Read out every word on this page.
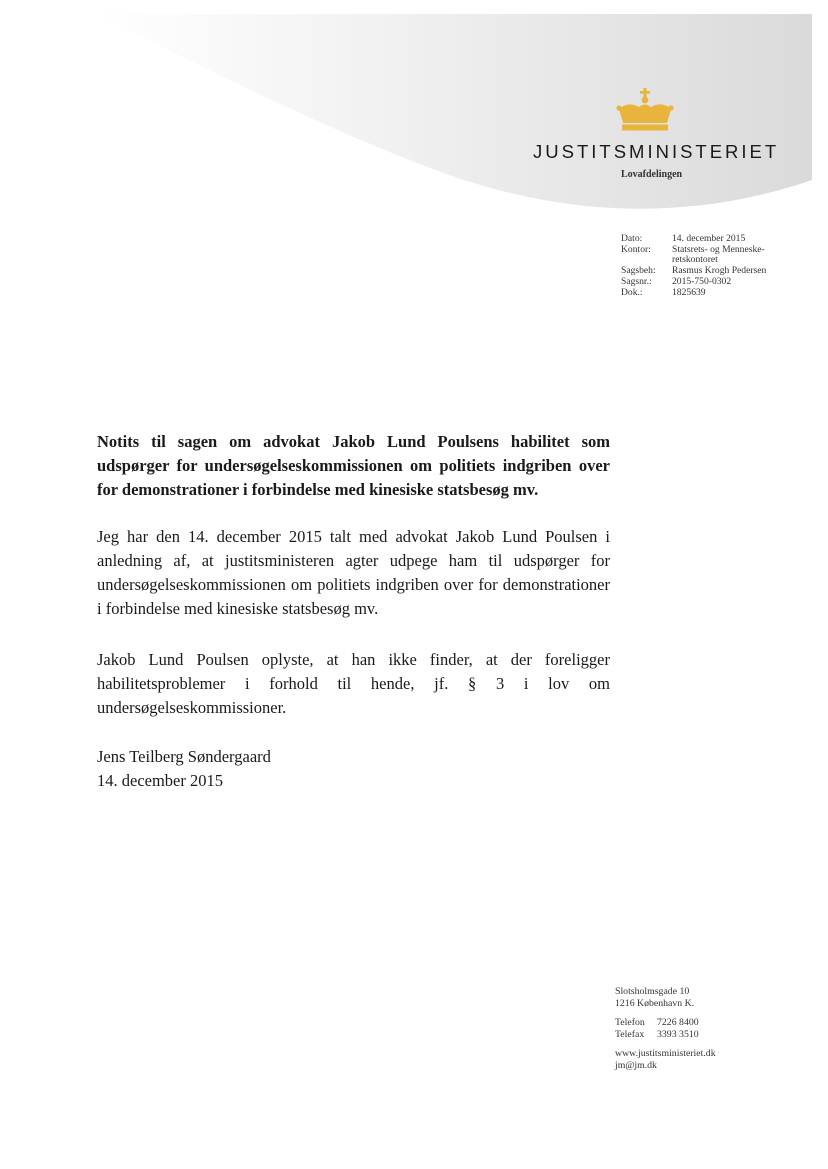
JUSTITSMINISTERIET
Lovafdelingen
Dato:	14. december 2015
Kontor:	Statsrets- og Menneske-retskontoret
Sagsbeh:	Rasmus Krogh Pedersen
Sagsnr.:	2015-750-0302
Dok.:	1825639
Notits til sagen om advokat Jakob Lund Poulsens habilitet som udspørger for undersøgelseskommissionen om politiets indgriben over for demonstrationer i forbindelse med kinesiske statsbesøg mv.
Jeg har den 14. december 2015 talt med advokat Jakob Lund Poulsen i anledning af, at justitsministeren agter udpege ham til udspørger for undersøgelseskommissionen om politiets indgriben over for demonstrationer i forbindelse med kinesiske statsbesøg mv.
Jakob Lund Poulsen oplyste, at han ikke finder, at der foreligger habilitetsproblemer i forhold til hende, jf. § 3 i lov om undersøgelseskommissioner.
Jens Teilberg Søndergaard
14. december 2015
Slotsholmsgade 10
1216 København K.
Telefon 7226 8400
Telefax 3393 3510
www.justitsministeriet.dk
jm@jm.dk
